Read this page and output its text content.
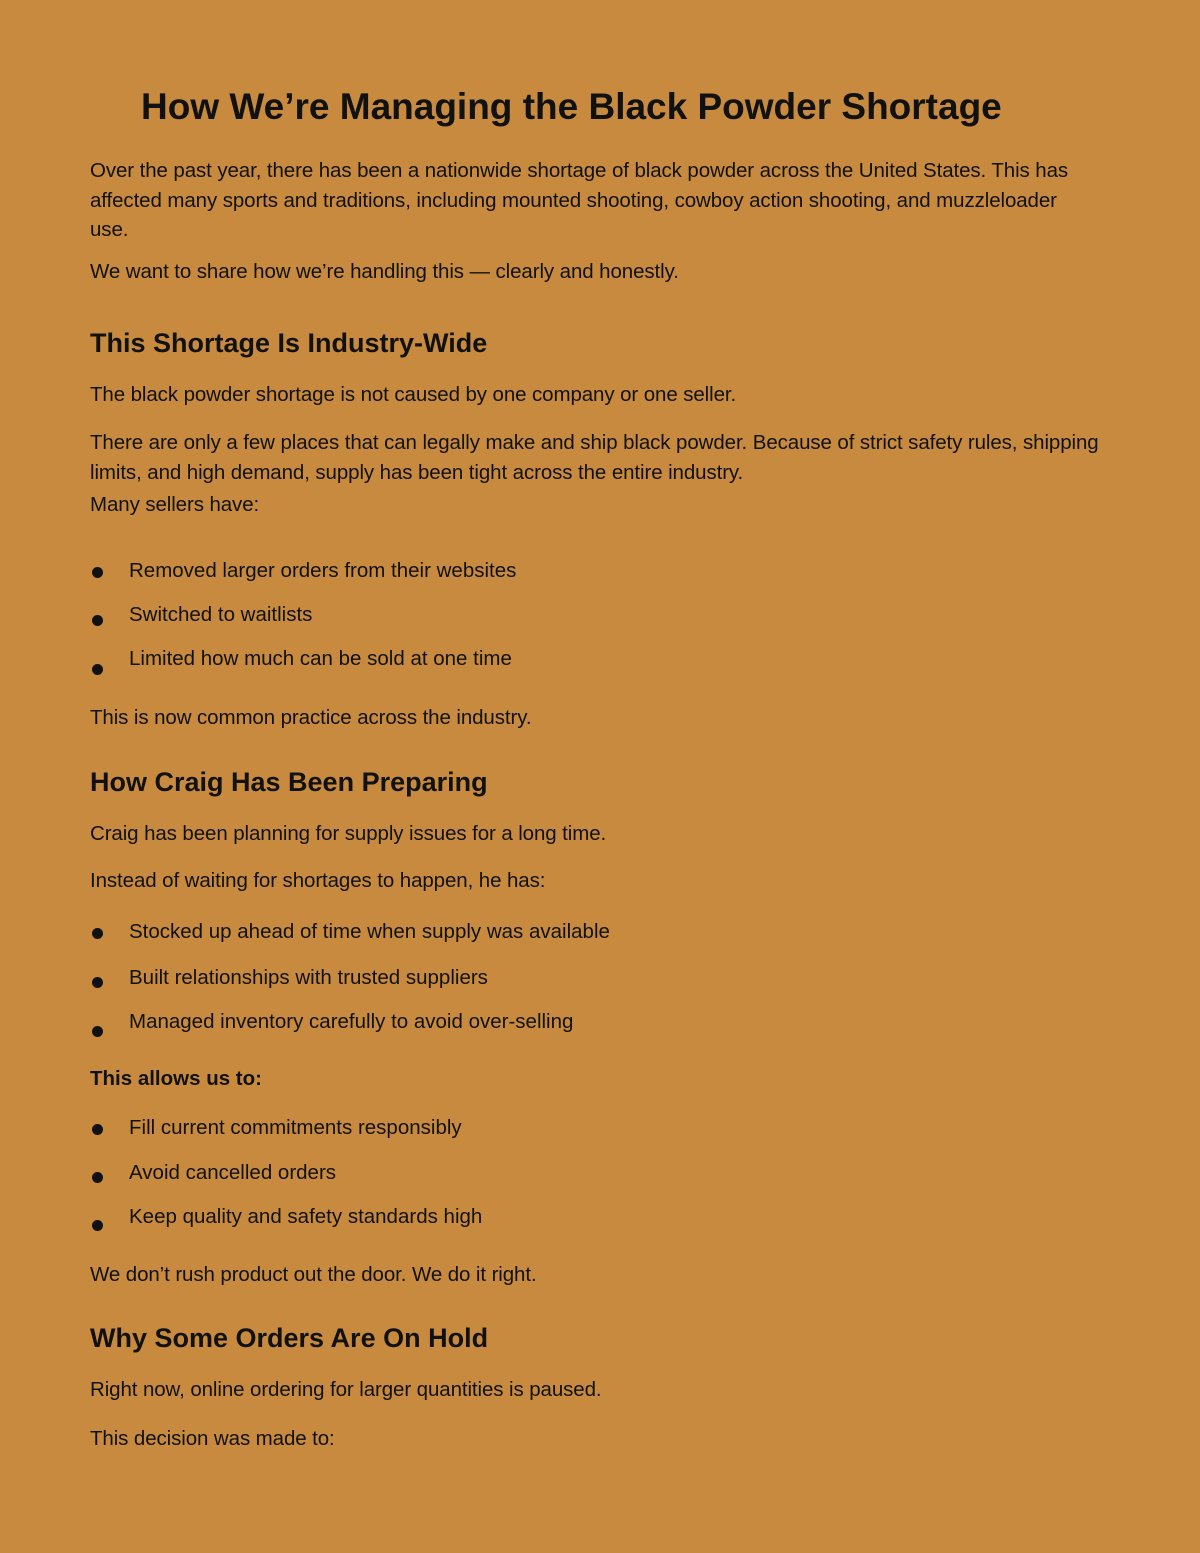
How We’re Managing the Black Powder Shortage

Over the past year, there has been a nationwide shortage of black powder across the United States. This has affected many sports and traditions, including mounted shooting, cowboy action shooting, and muzzleloader use.

We want to share how we’re handling this — clearly and honestly.

This Shortage Is Industry-Wide

The black powder shortage is not caused by one company or one seller.

There are only a few places that can legally make and ship black powder. Because of strict safety rules, shipping limits, and high demand, supply has been tight across the entire industry.

Many sellers have:

Removed larger orders from their websites
Switched to waitlists
Limited how much can be sold at one time

This is now common practice across the industry.

How Craig Has Been Preparing

Craig has been planning for supply issues for a long time.

Instead of waiting for shortages to happen, he has:

Stocked up ahead of time when supply was available
Built relationships with trusted suppliers
Managed inventory carefully to avoid over-selling

This allows us to:

Fill current commitments responsibly
Avoid cancelled orders
Keep quality and safety standards high

We don’t rush product out the door. We do it right.

Why Some Orders Are On Hold

Right now, online ordering for larger quantities is paused.

This decision was made to:
